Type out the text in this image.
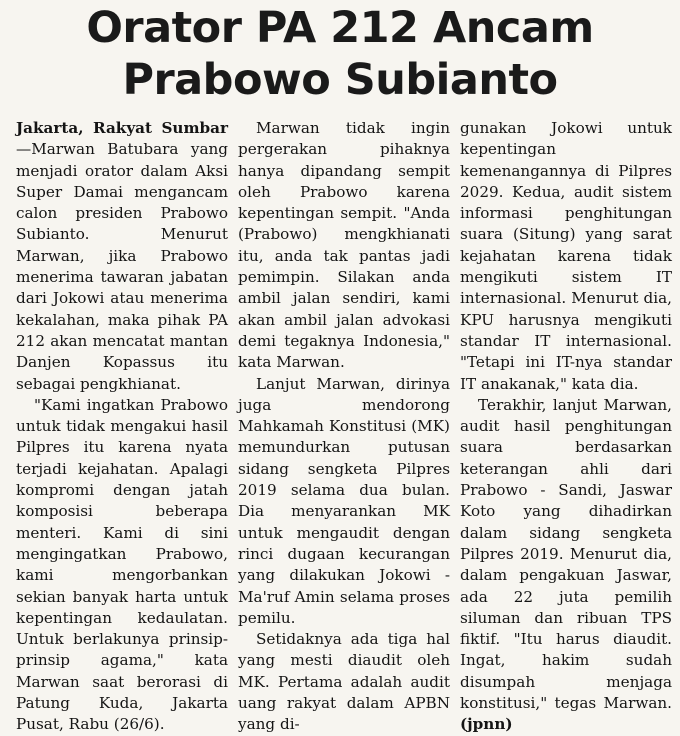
Orator PA 212 Ancam
Prabowo Subianto

Jakarta, Rakyat Sumbar—Marwan Batubara yang menjadi orator dalam Aksi Super Damai mengancam calon presiden Prabowo Subianto. Menurut Marwan, jika Prabowo menerima tawaran jabatan dari Jokowi atau menerima kekalahan, maka pihak PA 212 akan mencatat mantan Danjen Kopassus itu sebagai pengkhianat.

"Kami ingatkan Prabowo untuk tidak mengakui hasil Pilpres itu karena nyata terjadi kejahatan. Apalagi kompromi dengan jatah komposisi beberapa menteri. Kami di sini mengingatkan Prabowo, kami mengorbankan sekian banyak harta untuk kepentingan kedaulatan. Untuk berlakunya prinsip-prinsip agama," kata Marwan saat berorasi di Patung Kuda, Jakarta Pusat, Rabu (26/6).

Marwan tidak ingin pergerakan pihaknya hanya dipandang sempit oleh Prabowo karena kepentingan sempit. "Anda (Prabowo) mengkhianati itu, anda tak pantas jadi pemimpin. Silakan anda ambil jalan sendiri, kami akan ambil jalan advokasi demi tegaknya Indonesia," kata Marwan.

Lanjut Marwan, dirinya juga mendorong Mahkamah Konstitusi (MK) memundurkan putusan sidang sengketa Pilpres 2019 selama dua bulan. Dia menyarankan MK untuk mengaudit dengan rinci dugaan kecurangan yang dilakukan Jokowi - Ma'ruf Amin selama proses pemilu.

Setidaknya ada tiga hal yang mesti diaudit oleh MK. Pertama adalah audit uang rakyat dalam APBN yang di-

gunakan Jokowi untuk kepentingan kemenangannya di Pilpres 2029. Kedua, audit sistem informasi penghitungan suara (Situng) yang sarat kejahatan karena tidak mengikuti sistem IT internasional. Menurut dia, KPU harusnya mengikuti standar IT internasional. "Tetapi ini IT-nya standar IT anakanak," kata dia.

Terakhir, lanjut Marwan, audit hasil penghitungan suara berdasarkan keterangan ahli dari Prabowo - Sandi, Jaswar Koto yang dihadirkan dalam sidang sengketa Pilpres 2019. Menurut dia, dalam pengakuan Jaswar, ada 22 juta pemilih siluman dan ribuan TPS fiktif. "Itu harus diaudit. Ingat, hakim sudah disumpah menjaga konstitusi," tegas Marwan. (jpnn)
